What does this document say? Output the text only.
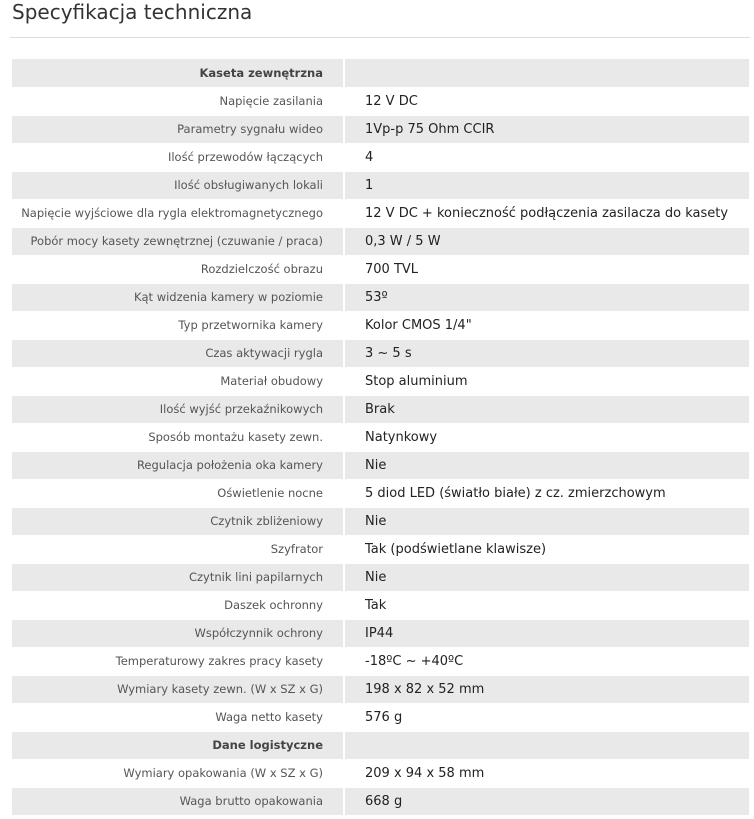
Specyfikacja techniczna
Kaseta zewnętrzna	
Napięcie zasilania	12 V DC
Parametry sygnału wideo	1Vp-p 75 Ohm CCIR
Ilość przewodów łączących	4
Ilość obsługiwanych lokali	1
Napięcie wyjściowe dla rygla elektromagnetycznego	12 V DC + konieczność podłączenia zasilacza do kasety
Pobór mocy kasety zewnętrznej (czuwanie / praca)	0,3 W / 5 W
Rozdzielczość obrazu	700 TVL
Kąt widzenia kamery w poziomie	53º
Typ przetwornika kamery	Kolor CMOS 1/4"
Czas aktywacji rygla	3 ~ 5 s
Materiał obudowy	Stop aluminium
Ilość wyjść przekaźnikowych	Brak
Sposób montażu kasety zewn.	Natynkowy
Regulacja położenia oka kamery	Nie
Oświetlenie nocne	5 diod LED (światło białe) z cz. zmierzchowym
Czytnik zbliżeniowy	Nie
Szyfrator	Tak (podświetlane klawisze)
Czytnik lini papilarnych	Nie
Daszek ochronny	Tak
Współczynnik ochrony	IP44
Temperaturowy zakres pracy kasety	-18ºC ~ +40ºC
Wymiary kasety zewn. (W x SZ x G)	198 x 82 x 52 mm
Waga netto kasety	576 g
Dane logistyczne	
Wymiary opakowania (W x SZ x G)	209 x 94 x 58 mm
Waga brutto opakowania	668 g
